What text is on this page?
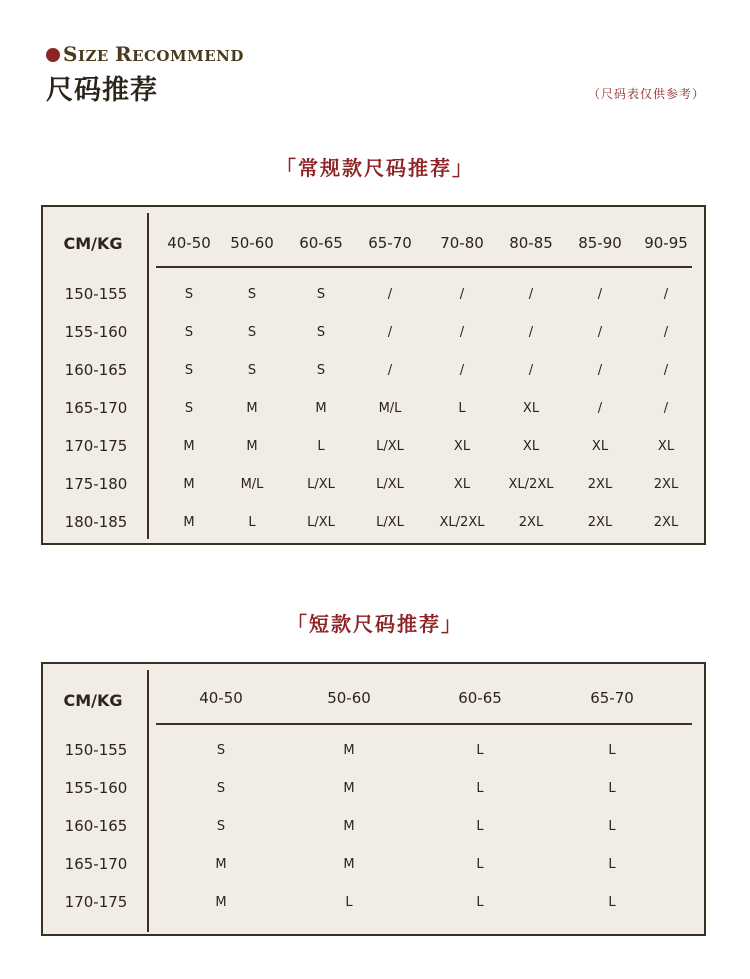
SIZE RECOMMEND
尺码推荐	（尺码表仅供参考）
「常规款尺码推荐」
CM/KG	40-50	50-60	60-65	65-70	70-80	80-85	85-90	90-95
150-155	S	S	S	/	/	/	/	/
155-160	S	S	S	/	/	/	/	/
160-165	S	S	S	/	/	/	/	/
165-170	S	M	M	M/L	L	XL	/	/
170-175	M	M	L	L/XL	XL	XL	XL	XL
175-180	M	M/L	L/XL	L/XL	XL	XL/2XL	2XL	2XL
180-185	M	L	L/XL	L/XL	XL/2XL	2XL	2XL	2XL
「短款尺码推荐」
CM/KG	40-50	50-60	60-65	65-70
150-155	S	M	L	L
155-160	S	M	L	L
160-165	S	M	L	L
165-170	M	M	L	L
170-175	M	L	L	L
